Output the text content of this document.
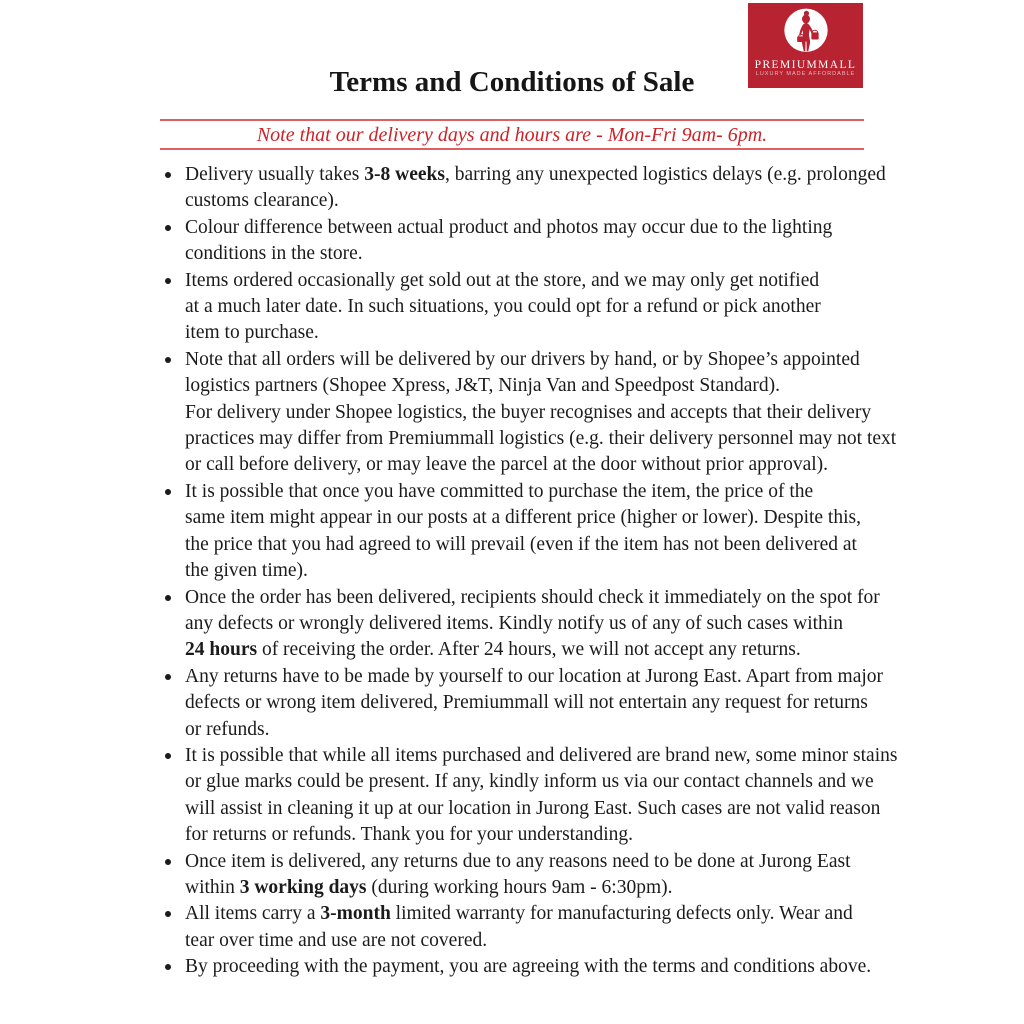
PREMIUMMALL
LUXURY MADE AFFORDABLE
Terms and Conditions of Sale
Note that our delivery days and hours are - Mon-Fri 9am- 6pm.
Delivery usually takes 3-8 weeks, barring any unexpected logistics delays (e.g. prolonged
customs clearance).
Colour difference between actual product and photos may occur due to the lighting
conditions in the store.
Items ordered occasionally get sold out at the store, and we may only get notified
at a much later date. In such situations, you could opt for a refund or pick another
item to purchase.
Note that all orders will be delivered by our drivers by hand, or by Shopee’s appointed
logistics partners (Shopee Xpress, J&T, Ninja Van and Speedpost Standard).
For delivery under Shopee logistics, the buyer recognises and accepts that their delivery
practices may differ from Premiummall logistics (e.g. their delivery personnel may not text
or call before delivery, or may leave the parcel at the door without prior approval).
It is possible that once you have committed to purchase the item, the price of the
same item might appear in our posts at a different price (higher or lower). Despite this,
the price that you had agreed to will prevail (even if the item has not been delivered at
the given time).
Once the order has been delivered, recipients should check it immediately on the spot for
any defects or wrongly delivered items. Kindly notify us of any of such cases within
24 hours of receiving the order. After 24 hours, we will not accept any returns.
Any returns have to be made by yourself to our location at Jurong East. Apart from major
defects or wrong item delivered, Premiummall will not entertain any request for returns
or refunds.
It is possible that while all items purchased and delivered are brand new, some minor stains
or glue marks could be present. If any, kindly inform us via our contact channels and we
will assist in cleaning it up at our location in Jurong East. Such cases are not valid reason
for returns or refunds. Thank you for your understanding.
Once item is delivered, any returns due to any reasons need to be done at Jurong East
within 3 working days (during working hours 9am - 6:30pm).
All items carry a 3-month limited warranty for manufacturing defects only. Wear and
tear over time and use are not covered.
By proceeding with the payment, you are agreeing with the terms and conditions above.
